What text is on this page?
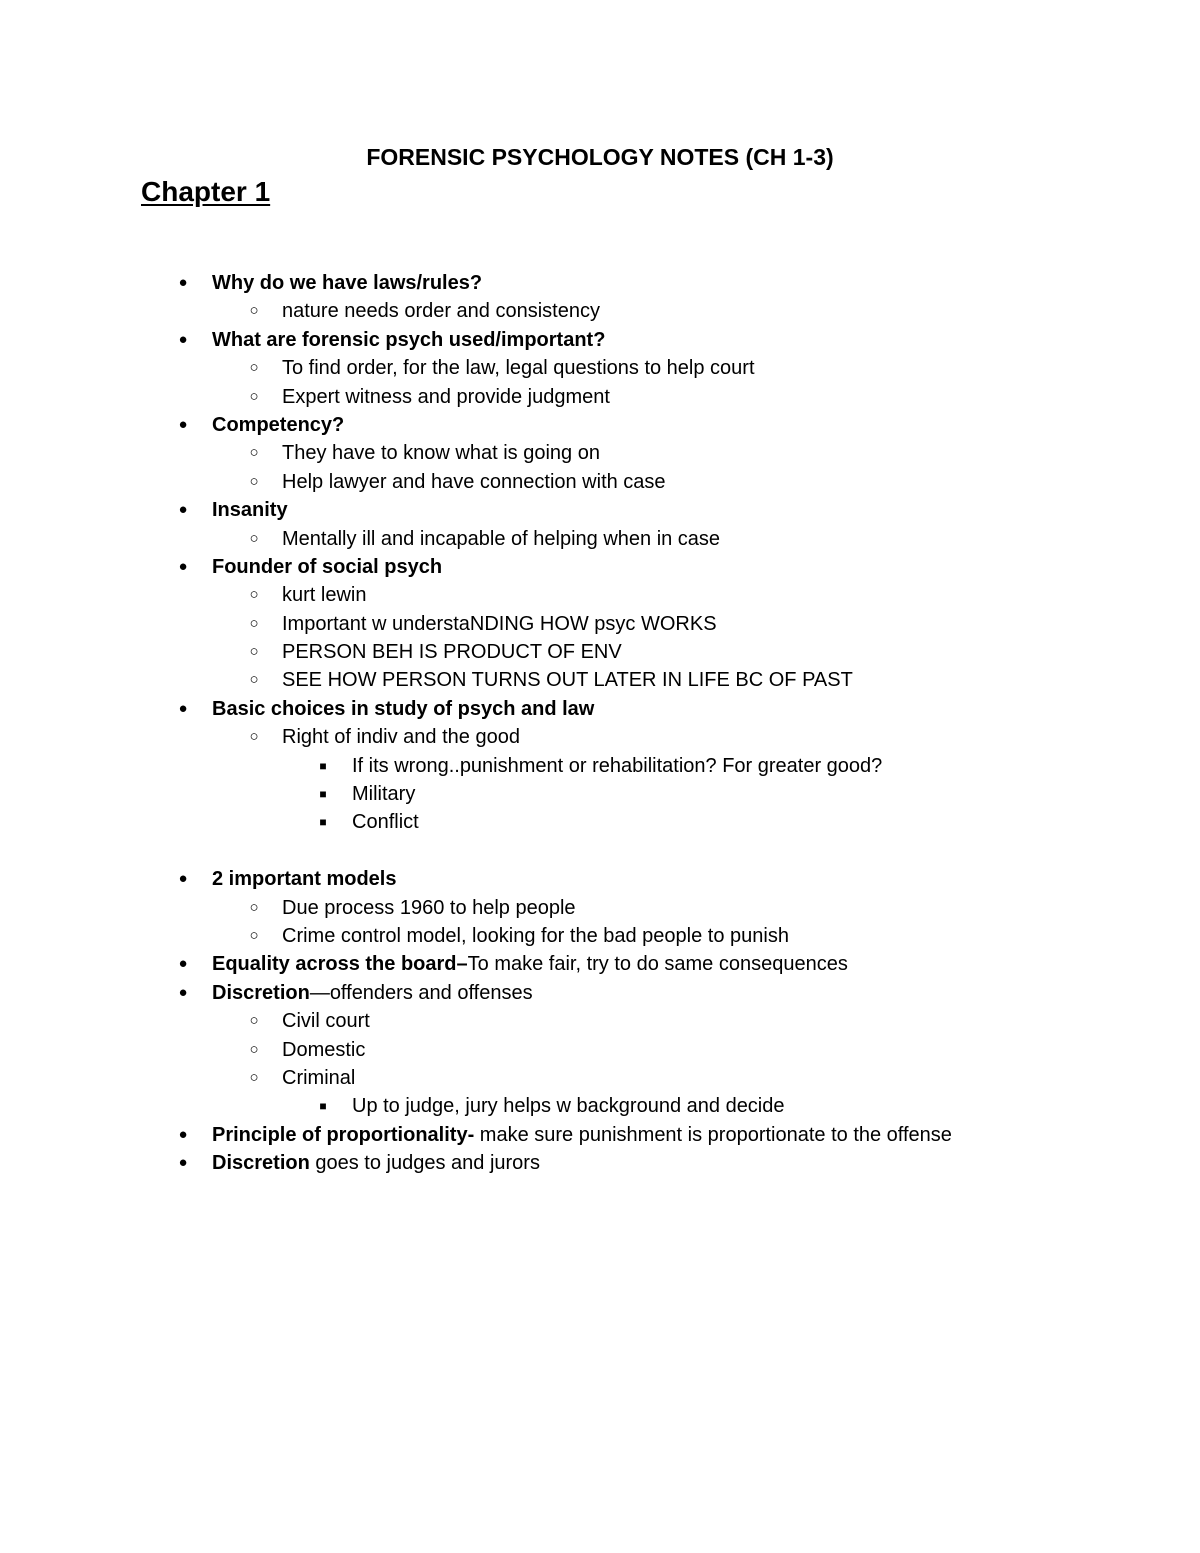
FORENSIC PSYCHOLOGY NOTES (CH 1-3)
Chapter 1
● Why do we have laws/rules?
○ nature needs order and consistency
● What are forensic psych used/important?
○ To find order, for the law, legal questions to help court
○ Expert witness and provide judgment
● Competency?
○ They have to know what is going on
○ Help lawyer and have connection with case
● Insanity
○ Mentally ill and incapable of helping when in case
● Founder of social psych
○ kurt lewin
○ Important w understaNDING HOW psyc WORKS
○ PERSON BEH IS PRODUCT OF ENV
○ SEE HOW PERSON TURNS OUT LATER IN LIFE BC OF PAST
● Basic choices in study of psych and law
○ Right of indiv and the good
■	If its wrong..punishment or rehabilitation? For greater good?
■	Military
■	Conflict
● 2 important models
○ Due process 1960 to help people
○ Crime control model, looking for the bad people to punish
● Equality across the board–To make fair, try to do same consequences
● Discretion—offenders and offenses
○ Civil court
○ Domestic
○ Criminal
■	Up to judge, jury helps w background and decide
● Principle of proportionality- make sure punishment is proportionate to the offense
● Discretion goes to judges and jurors
